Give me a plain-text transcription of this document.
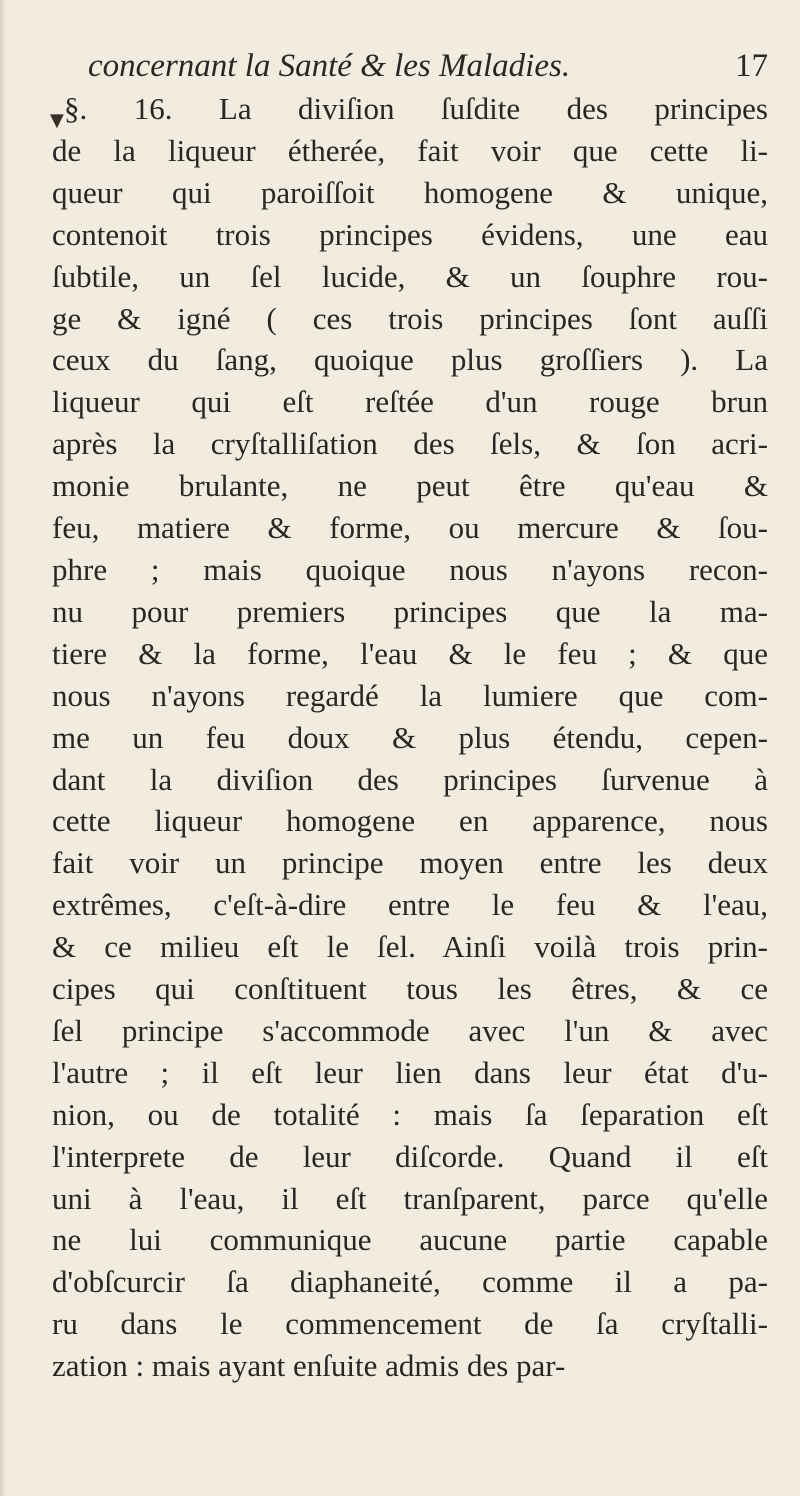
concernant la Santé & les Maladies.	17
▼ §. 16. La diviſion ſuſdite des principes
de la liqueur étherée, fait voir que cette li-
queur qui paroiſſoit homogene & unique,
contenoit trois principes évidens, une eau
ſubtile, un ſel lucide, & un ſouphre rou-
ge & igné ( ces trois principes ſont auſſi
ceux du ſang, quoique plus groſſiers ). La
liqueur qui eſt reſtée d'un rouge brun
après la cryſtalliſation des ſels, & ſon acri-
monie brulante, ne peut être qu'eau &
feu, matiere & forme, ou mercure & ſou-
phre ; mais quoique nous n'ayons recon-
nu pour premiers principes que la ma-
tiere & la forme, l'eau & le feu ; & que
nous n'ayons regardé la lumiere que com-
me un feu doux & plus étendu, cepen-
dant la diviſion des principes ſurvenue à
cette liqueur homogene en apparence, nous
fait voir un principe moyen entre les deux
extrêmes, c'eſt-à-dire entre le feu & l'eau,
& ce milieu eſt le ſel. Ainſi voilà trois prin-
cipes qui conſtituent tous les êtres, & ce
ſel principe s'accommode avec l'un & avec
l'autre ; il eſt leur lien dans leur état d'u-
nion, ou de totalité : mais ſa ſeparation eſt
l'interprete de leur diſcorde. Quand il eſt
uni à l'eau, il eſt tranſparent, parce qu'elle
ne lui communique aucune partie capable
d'obſcurcir ſa diaphaneité, comme il a pa-
ru dans le commencement de ſa cryſtalli-
zation : mais ayant enſuite admis des par-
